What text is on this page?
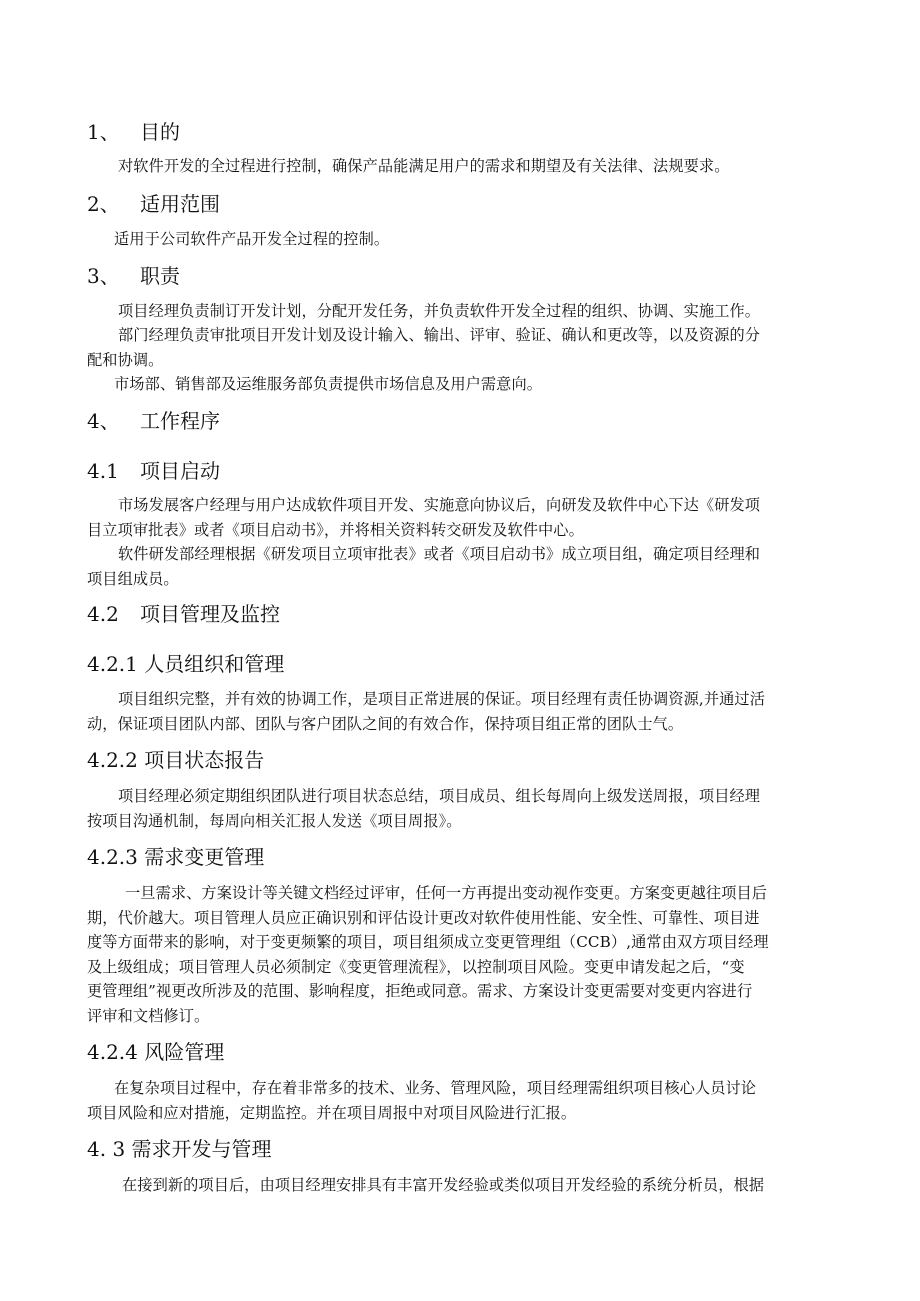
1、 目的
对软件开发的全过程进行控制，确保产品能满足用户的需求和期望及有关法律、法规要求。
2、 适用范围
适用于公司软件产品开发全过程的控制。
3、 职责
项目经理负责制订开发计划，分配开发任务，并负责软件开发全过程的组织、协调、实施工作。
部门经理负责审批项目开发计划及设计输入、输出、评审、验证、确认和更改等，以及资源的分
配和协调。
市场部、销售部及运维服务部负责提供市场信息及用户需意向。
4、 工作程序
4.1 项目启动
市场发展客户经理与用户达成软件项目开发、实施意向协议后，向研发及软件中心下达《研发项
目立项审批表》或者《项目启动书》，并将相关资料转交研发及软件中心。
软件研发部经理根据《研发项目立项审批表》或者《项目启动书》成立项目组，确定项目经理和
项目组成员。
4.2 项目管理及监控
4.2.1 人员组织和管理
项目组织完整，并有效的协调工作，是项目正常进展的保证。项目经理有责任协调资源,并通过活
动，保证项目团队内部、团队与客户团队之间的有效合作，保持项目组正常的团队士气。
4.2.2 项目状态报告
项目经理必须定期组织团队进行项目状态总结，项目成员、组长每周向上级发送周报，项目经理
按项目沟通机制，每周向相关汇报人发送《项目周报》。
4.2.3 需求变更管理
一旦需求、方案设计等关键文档经过评审，任何一方再提出变动视作变更。方案变更越往项目后
期，代价越大。项目管理人员应正确识别和评估设计更改对软件使用性能、安全性、可靠性、项目进
度等方面带来的影响，对于变更频繁的项目，项目组须成立变更管理组（CCB）,通常由双方项目经理
及上级组成；项目管理人员必须制定《变更管理流程》，以控制项目风险。变更申请发起之后，“变
更管理组”视更改所涉及的范围、影响程度，拒绝或同意。需求、方案设计变更需要对变更内容进行
评审和文档修订。
4.2.4 风险管理
在复杂项目过程中，存在着非常多的技术、业务、管理风险，项目经理需组织项目核心人员讨论
项目风险和应对措施，定期监控。并在项目周报中对项目风险进行汇报。
4. 3 需求开发与管理
在接到新的项目后，由项目经理安排具有丰富开发经验或类似项目开发经验的系统分析员，根据
